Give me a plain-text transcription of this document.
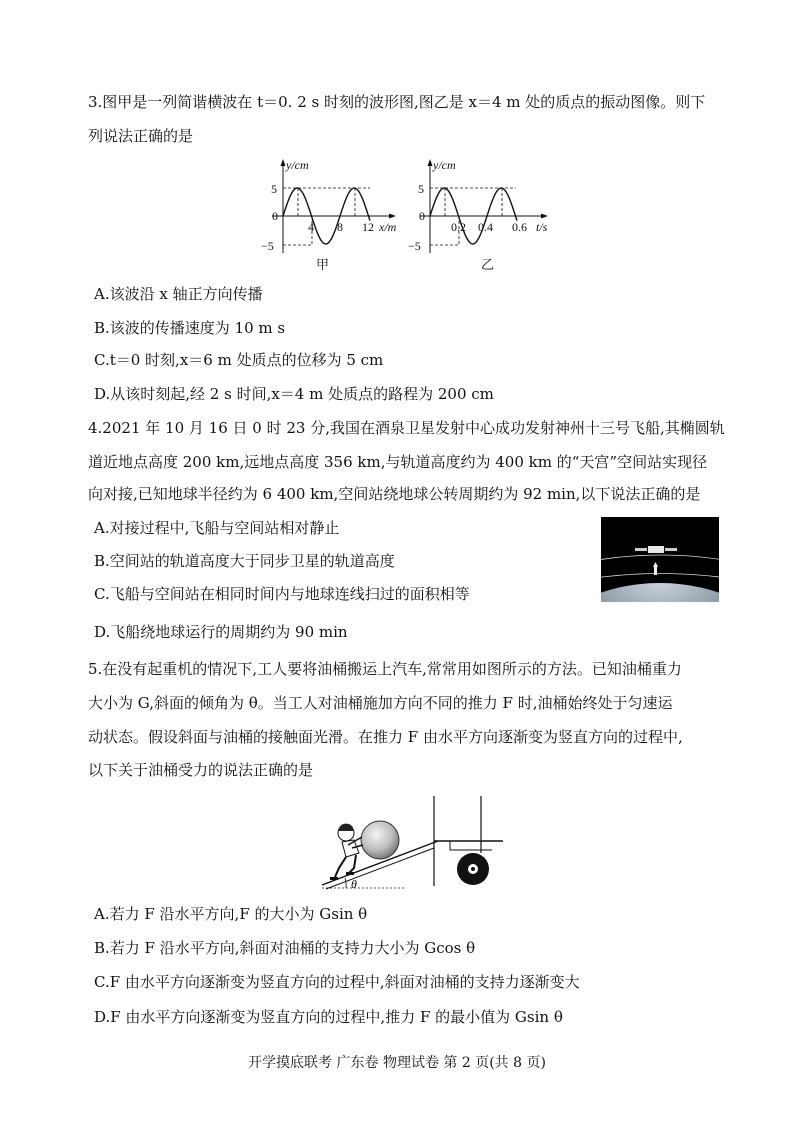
3.图甲是一列简谐横波在 t＝0. 2 s 时刻的波形图,图乙是 x＝4 m 处的质点的振动图像。则下
列说法正确的是
y/cm
5
0
−5
4 8 12 x/m
甲
y/cm
5
0
−5
0.2 0.4 0.6 t/s
乙
A.该波沿 x 轴正方向传播
B.该波的传播速度为 10 m s
C.t＝0 时刻,x＝6 m 处质点的位移为 5 cm
D.从该时刻起,经 2 s 时间,x＝4 m 处质点的路程为 200 cm
4.2021 年 10 月 16 日 0 时 23 分,我国在酒泉卫星发射中心成功发射神州十三号飞船,其椭圆轨
道近地点高度 200 km,远地点高度 356 km,与轨道高度约为 400 km 的“天宫”空间站实现径
向对接,已知地球半径约为 6 400 km,空间站绕地球公转周期约为 92 min,以下说法正确的是
A.对接过程中,飞船与空间站相对静止
B.空间站的轨道高度大于同步卫星的轨道高度
C.飞船与空间站在相同时间内与地球连线扫过的面积相等
D.飞船绕地球运行的周期约为 90 min
5.在没有起重机的情况下,工人要将油桶搬运上汽车,常常用如图所示的方法。已知油桶重力
大小为 G,斜面的倾角为 θ。当工人对油桶施加方向不同的推力 F 时,油桶始终处于匀速运
动状态。假设斜面与油桶的接触面光滑。在推力 F 由水平方向逐渐变为竖直方向的过程中,
以下关于油桶受力的说法正确的是
θ
A.若力 F 沿水平方向,F 的大小为 Gsin θ
B.若力 F 沿水平方向,斜面对油桶的支持力大小为 Gcos θ
C.F 由水平方向逐渐变为竖直方向的过程中,斜面对油桶的支持力逐渐变大
D.F 由水平方向逐渐变为竖直方向的过程中,推力 F 的最小值为 Gsin θ
开学摸底联考 广东卷 物理试卷 第 2 页(共 8 页)
